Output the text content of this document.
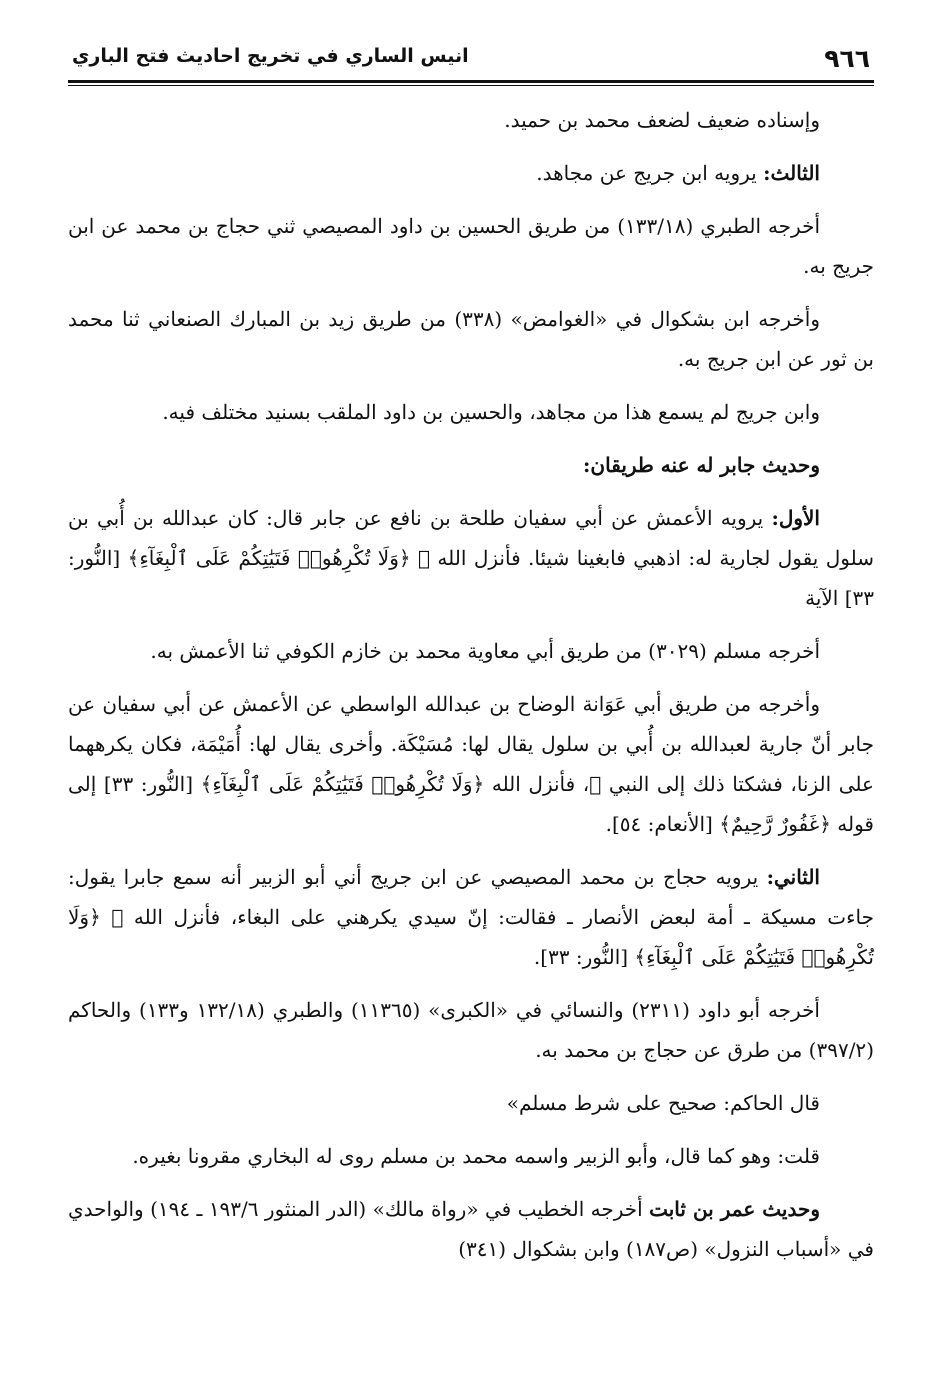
٩٦٦
انيس الساري في تخريج احاديث فتح الباري

وإسناده ضعيف لضعف محمد بن حميد.

الثالث: يرويه ابن جريج عن مجاهد.

أخرجه الطبري (١٣٣/١٨) من طريق الحسين بن داود المصيصي ثني حجاج بن محمد عن ابن جريج به.

وأخرجه ابن بشكوال في «الغوامض» (٣٣٨) من طريق زيد بن المبارك الصنعاني ثنا محمد بن ثور عن ابن جريج به.

وابن جريج لم يسمع هذا من مجاهد، والحسين بن داود الملقب بسنيد مختلف فيه.

وحديث جابر له عنه طريقان:

الأول: يرويه الأعمش عن أبي سفيان طلحة بن نافع عن جابر قال: كان عبدالله بن أُبي بن سلول يقول لجارية له: اذهبي فابغينا شيئا. فأنزل الله ﷻ ﴿وَلَا تُكْرِهُوا۟ فَتَيَٰتِكُمْ عَلَى ٱلْبِغَآءِ﴾ [النُّور: ٣٣] الآية

أخرجه مسلم (٣٠٢٩) من طريق أبي معاوية محمد بن خازم الكوفي ثنا الأعمش به.

وأخرجه من طريق أبي عَوَانة الوضاح بن عبدالله الواسطي عن الأعمش عن أبي سفيان عن جابر أنّ جارية لعبدالله بن أُبي بن سلول يقال لها: مُسَيْكَة. وأخرى يقال لها: أُمَيْمَة، فكان يكرههما على الزنا، فشكتا ذلك إلى النبي ﷺ، فأنزل الله ﴿وَلَا تُكْرِهُوا۟ فَتَيَٰتِكُمْ عَلَى ٱلْبِغَآءِ﴾ [النُّور: ٣٣] إلى قوله ﴿غَفُورٌ رَّحِيمٌ﴾ [الأنعام: ٥٤].

الثاني: يرويه حجاج بن محمد المصيصي عن ابن جريج أني أبو الزبير أنه سمع جابرا يقول: جاءت مسيكة ـ أمة لبعض الأنصار ـ فقالت: إنّ سيدي يكرهني على البغاء، فأنزل الله ﷻ ﴿وَلَا تُكْرِهُوا۟ فَتَيَٰتِكُمْ عَلَى ٱلْبِغَآءِ﴾ [النُّور: ٣٣].

أخرجه أبو داود (٢٣١١) والنسائي في «الكبرى» (١١٣٦٥) والطبري (١٣٢/١٨ و١٣٣) والحاكم (٣٩٧/٢) من طرق عن حجاج بن محمد به.

قال الحاكم: صحيح على شرط مسلم»

قلت: وهو كما قال، وأبو الزبير واسمه محمد بن مسلم روى له البخاري مقرونا بغيره.

وحديث عمر بن ثابت أخرجه الخطيب في «رواة مالك» (الدر المنثور ١٩٣/٦ ـ ١٩٤) والواحدي في «أسباب النزول» (ص١٨٧) وابن بشكوال (٣٤١)
